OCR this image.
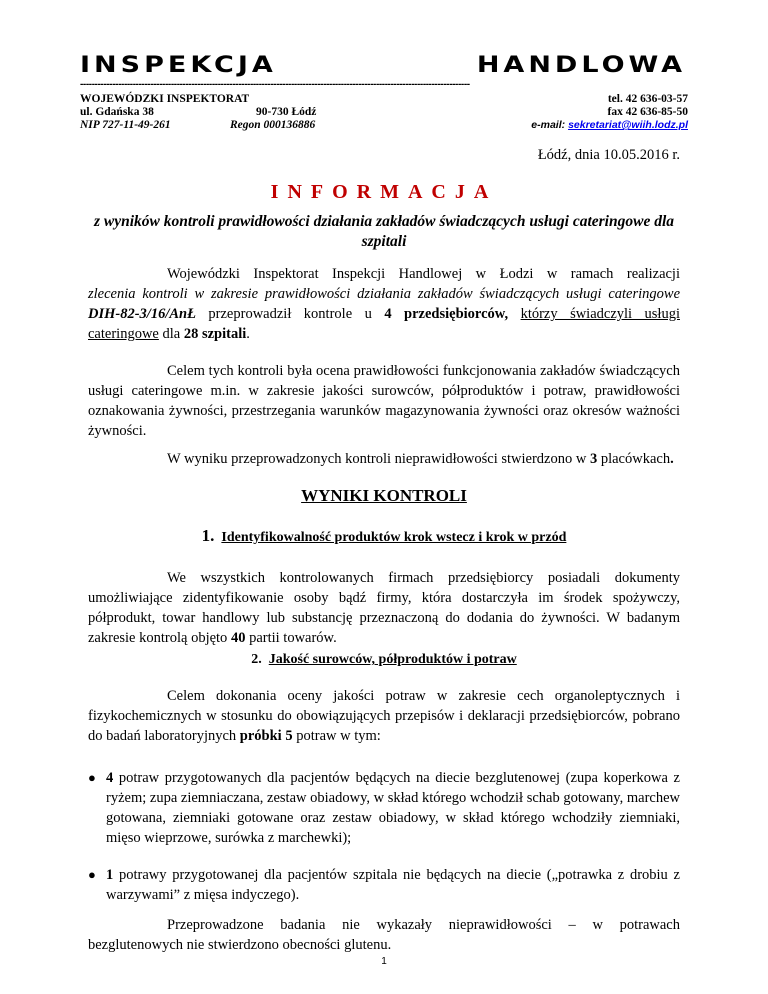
INSPEKCJA	HANDLOWA
-------------------------------------------------------------------------------------------------------------------------------------
WOJEWÓDZKI INSPEKTORAT	tel. 42 636-03-57
ul. Gdańska 38	90-730 Łódź	fax 42 636-85-50
NIP 727-11-49-261	Regon 000136886	e-mail: sekretariat@wiih.lodz.pl
Łódź, dnia 10.05.2016 r.
INFORMACJA
z wyników kontroli prawidłowości działania zakładów świadczących usługi cateringowe dla szpitali

Wojewódzki Inspektorat Inspekcji Handlowej w Łodzi w ramach realizacji

zlecenia kontroli w zakresie prawidłowości działania zakładów świadczących usługi cateringowe DIH-82-3/16/AnŁ przeprowadził kontrole u 4 przedsiębiorców, którzy świadczyli usługi cateringowe dla 28 szpitali.

Celem tych kontroli była ocena prawidłowości funkcjonowania zakładów świadczących usługi cateringowe m.in. w zakresie jakości surowców, półproduktów i potraw, prawidłowości oznakowania żywności, przestrzegania warunków magazynowania żywności oraz okresów ważności żywności.

W wyniku przeprowadzonych kontroli nieprawidłowości stwierdzono w 3 placówkach.

WYNIKI KONTROLI
1. Identyfikowalność produktów krok wstecz i krok w przód

We wszystkich kontrolowanych firmach przedsiębiorcy posiadali dokumenty umożliwiające zidentyfikowanie osoby bądź firmy, która dostarczyła im środek spożywczy, półprodukt, towar handlowy lub substancję przeznaczoną do dodania do żywności. W badanym zakresie kontrolą objęto 40 partii towarów.

2. Jakość surowców, półproduktów i potraw

Celem dokonania oceny jakości potraw w zakresie cech organoleptycznych i fizykochemicznych w stosunku do obowiązujących przepisów i deklaracji przedsiębiorców, pobrano do badań laboratoryjnych próbki 5 potraw w tym:

● 4 potraw przygotowanych dla pacjentów będących na diecie bezglutenowej (zupa koperkowa z ryżem; zupa ziemniaczana, zestaw obiadowy, w skład którego wchodził schab gotowany, marchew gotowana, ziemniaki gotowane oraz zestaw obiadowy, w skład którego wchodziły ziemniaki, mięso wieprzowe, surówka z marchewki);
● 1 potrawy przygotowanej dla pacjentów szpitala nie będących na diecie („potrawka z drobiu z warzywami” z mięsa indyczego).

Przeprowadzone badania nie wykazały nieprawidłowości – w potrawach bezglutenowych nie stwierdzono obecności glutenu.

1
